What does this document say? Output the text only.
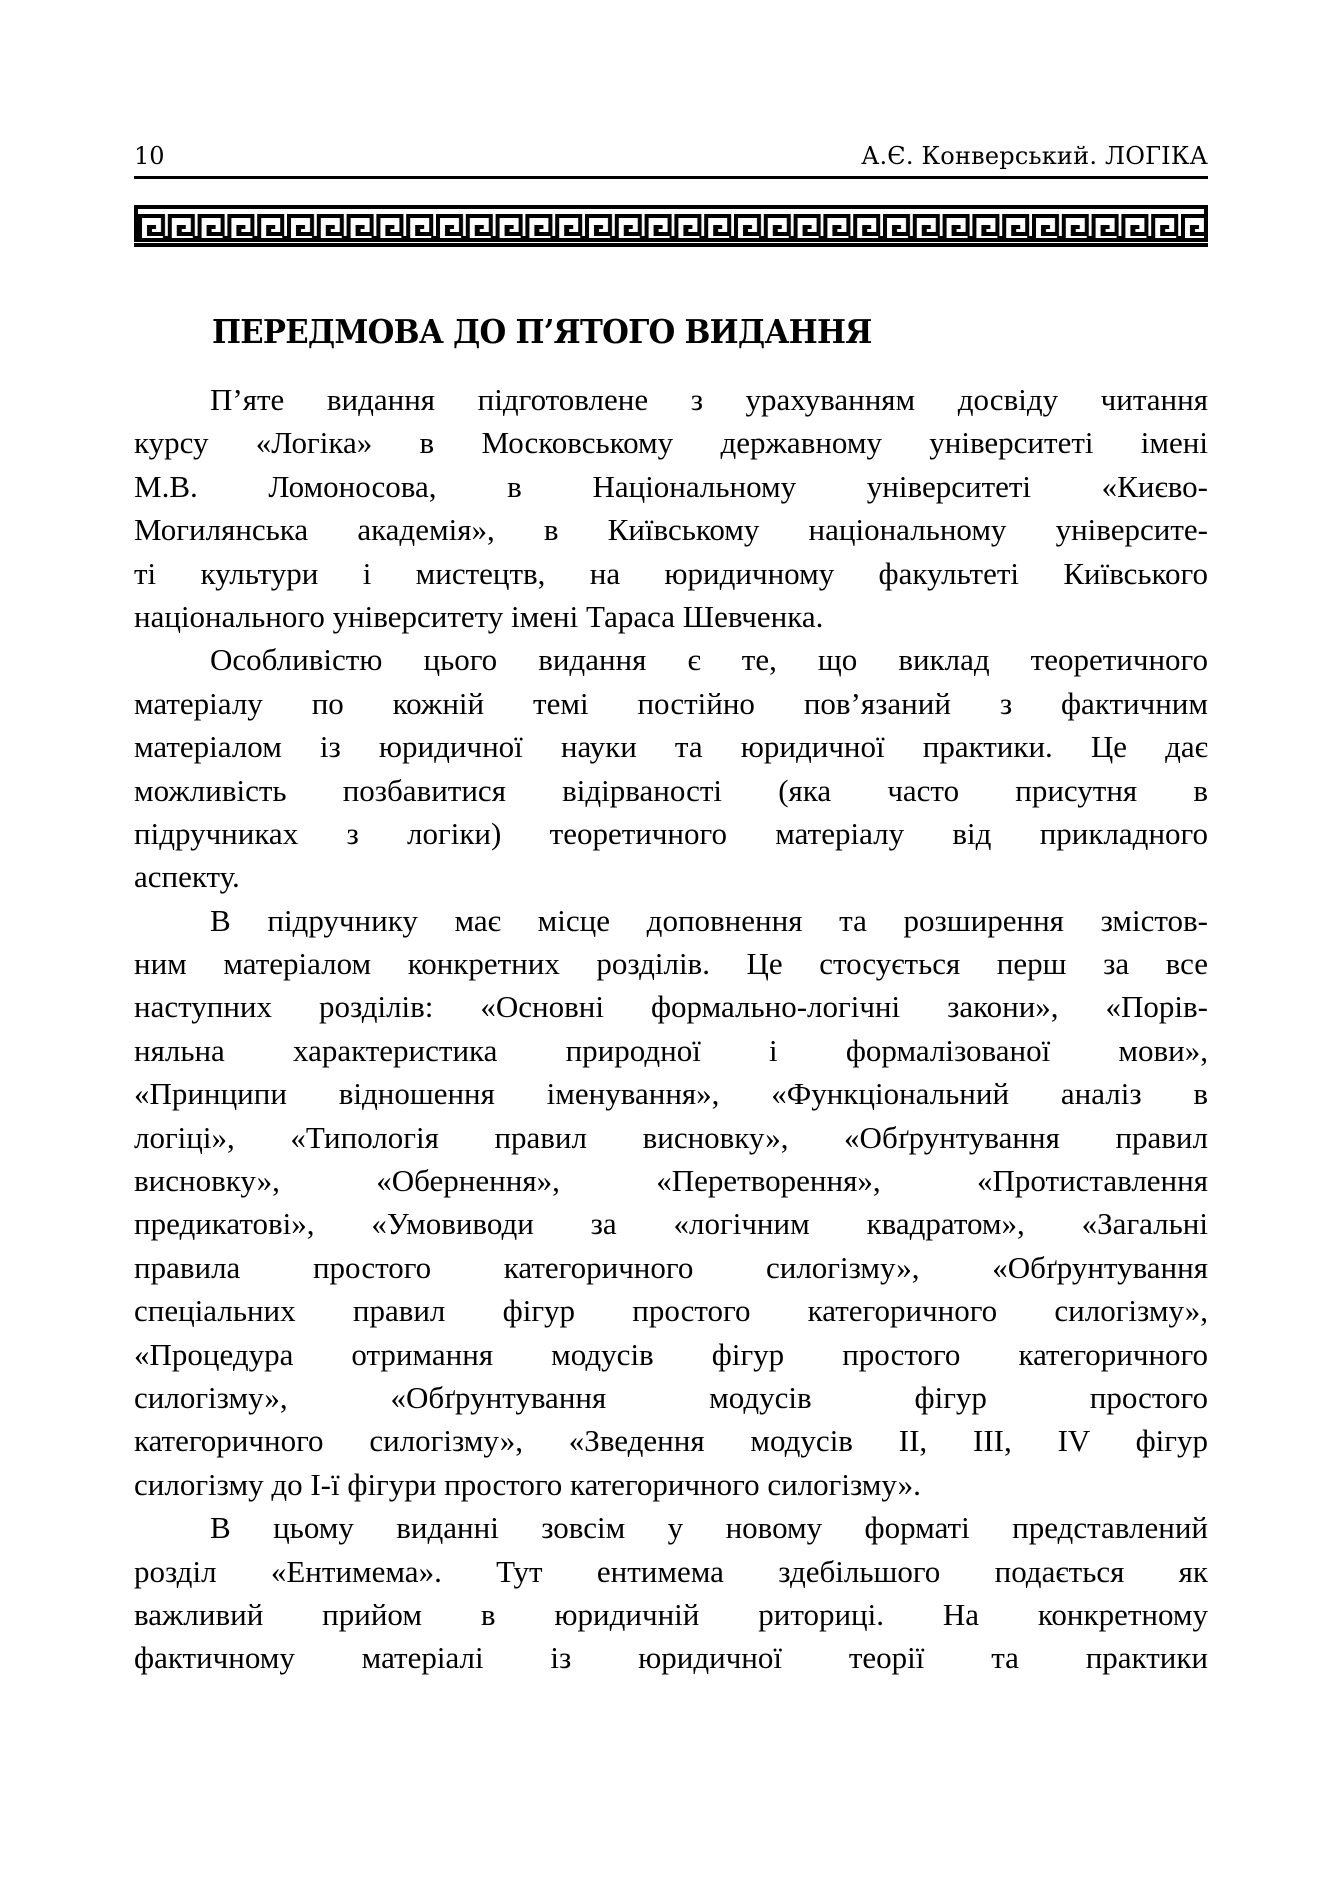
10	А.Є. Конверський. ЛОГІКА
ПЕРЕДМОВА ДО П’ЯТОГО ВИДАННЯ
П’яте видання підготовлене з урахуванням досвіду читання
курсу «Логіка» в Московському державному університеті імені
М.В. Ломоносова, в Національному університеті «Києво-
Могилянська академія», в Київському національному університе-
ті культури і мистецтв, на юридичному факультеті Київського
національного університету імені Тараса Шевченка.
Особливістю цього видання є те, що виклад теоретичного
матеріалу по кожній темі постійно пов’язаний з фактичним
матеріалом із юридичної науки та юридичної практики. Це дає
можливість позбавитися відірваності (яка часто присутня в
підручниках з логіки) теоретичного матеріалу від прикладного
аспекту.
В підручнику має місце доповнення та розширення змістов-
ним матеріалом конкретних розділів. Це стосується перш за все
наступних розділів: «Основні формально-логічні закони», «Порів-
няльна характеристика природної і формалізованої мови»,
«Принципи відношення іменування», «Функціональний аналіз в
логіці», «Типологія правил висновку», «Обґрунтування правил
висновку», «Обернення», «Перетворення», «Протиставлення
предикатові», «Умовиводи за «логічним квадратом», «Загальні
правила простого категоричного силогізму», «Обґрунтування
спеціальних правил фігур простого категоричного силогізму»,
«Процедура отримання модусів фігур простого категоричного
силогізму», «Обґрунтування модусів фігур простого
категоричного силогізму», «Зведення модусів ІІ, ІІІ, IV фігур
силогізму до І-ї фігури простого категоричного силогізму».
В цьому виданні зовсім у новому форматі представлений
розділ «Ентимема». Тут ентимема здебільшого подається як
важливий прийом в юридичній риториці. На конкретному
фактичному матеріалі із юридичної теорії та практики
